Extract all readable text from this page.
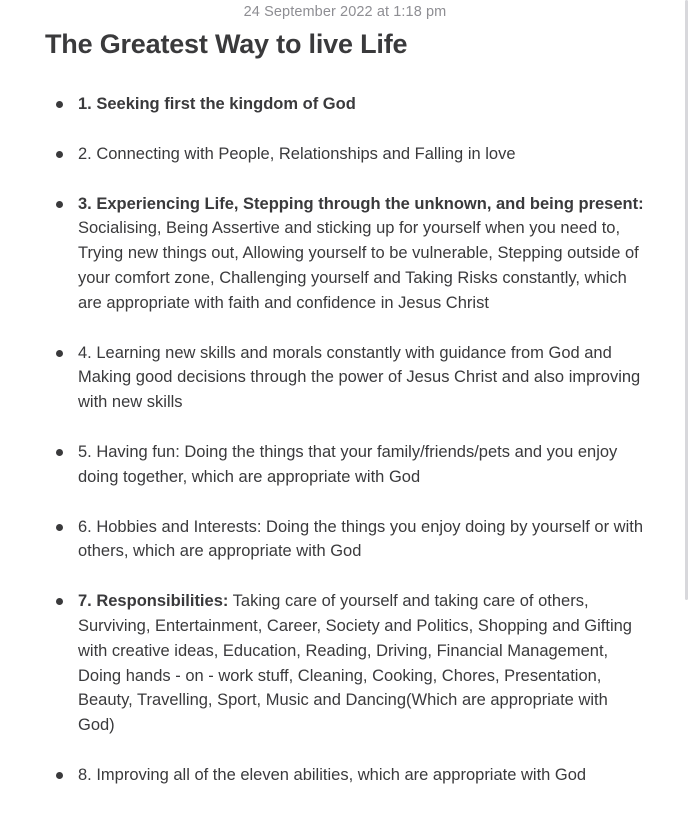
24 September 2022 at 1:18 pm
The Greatest Way to live Life
1. Seeking first the kingdom of God
2. Connecting with People, Relationships and Falling in love
3. Experiencing Life, Stepping through the unknown, and being present: Socialising, Being Assertive and sticking up for yourself when you need to, Trying new things out, Allowing yourself to be vulnerable, Stepping outside of your comfort zone, Challenging yourself and Taking Risks constantly, which are appropriate with faith and confidence in Jesus Christ
4. Learning new skills and morals constantly with guidance from God and Making good decisions through the power of Jesus Christ and also improving with new skills
5. Having fun: Doing the things that your family/friends/pets and you enjoy doing together, which are appropriate with God
6. Hobbies and Interests: Doing the things you enjoy doing by yourself or with others, which are appropriate with God
7. Responsibilities: Taking care of yourself and taking care of others, Surviving, Entertainment, Career, Society and Politics, Shopping and Gifting with creative ideas, Education, Reading, Driving, Financial Management, Doing hands - on - work stuff, Cleaning, Cooking, Chores, Presentation, Beauty, Travelling, Sport, Music and Dancing(Which are appropriate with God)
8. Improving all of the eleven abilities, which are appropriate with God
